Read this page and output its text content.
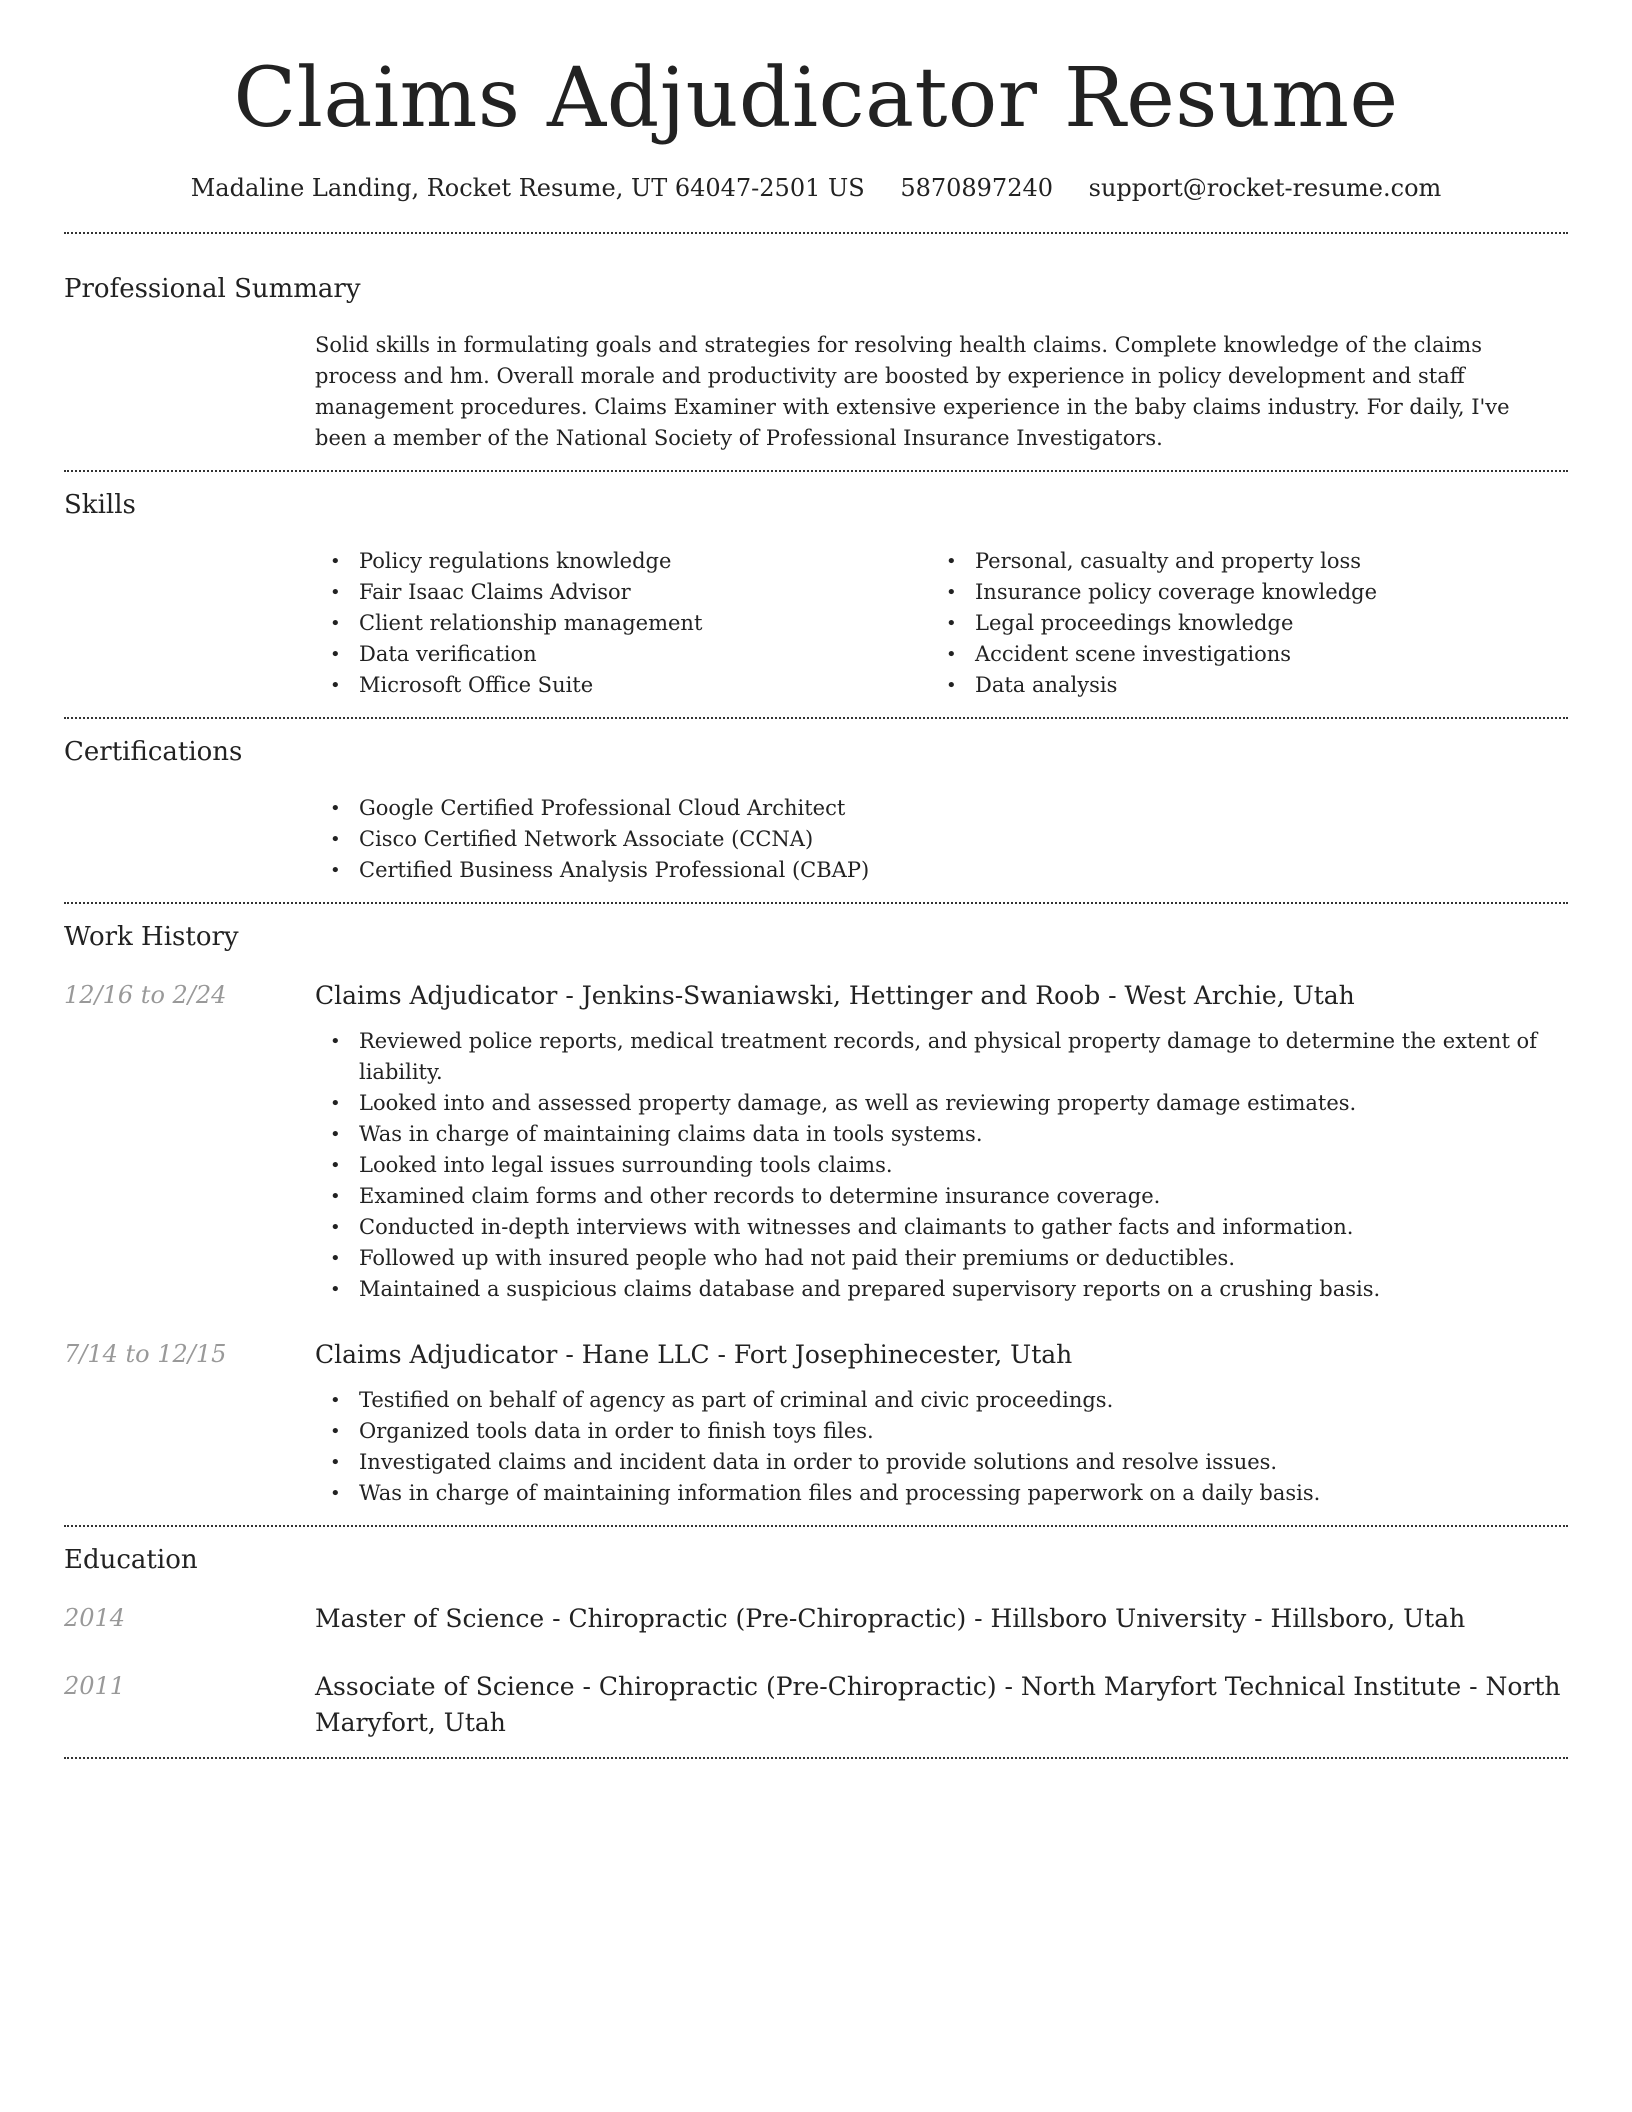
Claims Adjudicator Resume
Madaline Landing, Rocket Resume, UT 64047-2501 US 5870897240 support@rocket-resume.com
Professional Summary

Solid skills in formulating goals and strategies for resolving health claims. Complete knowledge of the claims process and hm. Overall morale and productivity are boosted by experience in policy development and staff management procedures. Claims Examiner with extensive experience in the baby claims industry. For daily, I've been a member of the National Society of Professional Insurance Investigators.

Skills
• Policy regulations knowledge
• Fair Isaac Claims Advisor
• Client relationship management
• Data verification
• Microsoft Office Suite
• Personal, casualty and property loss
• Insurance policy coverage knowledge
• Legal proceedings knowledge
• Accident scene investigations
• Data analysis
Certifications
• Google Certified Professional Cloud Architect
• Cisco Certified Network Associate (CCNA)
• Certified Business Analysis Professional (CBAP)
Work History
12/16 to 2/24	Claims Adjudicator - Jenkins-Swaniawski, Hettinger and Roob - West Archie, Utah
• Reviewed police reports, medical treatment records, and physical property damage to determine the extent of liability.
• Looked into and assessed property damage, as well as reviewing property damage estimates.
• Was in charge of maintaining claims data in tools systems.
• Looked into legal issues surrounding tools claims.
• Examined claim forms and other records to determine insurance coverage.
• Conducted in-depth interviews with witnesses and claimants to gather facts and information.
• Followed up with insured people who had not paid their premiums or deductibles.
• Maintained a suspicious claims database and prepared supervisory reports on a crushing basis.
7/14 to 12/15	Claims Adjudicator - Hane LLC - Fort Josephinecester, Utah
• Testified on behalf of agency as part of criminal and civic proceedings.
• Organized tools data in order to finish toys files.
• Investigated claims and incident data in order to provide solutions and resolve issues.
• Was in charge of maintaining information files and processing paperwork on a daily basis.
Education
2014	Master of Science - Chiropractic (Pre-Chiropractic) - Hillsboro University - Hillsboro, Utah
2011	Associate of Science - Chiropractic (Pre-Chiropractic) - North Maryfort Technical Institute - North Maryfort, Utah
